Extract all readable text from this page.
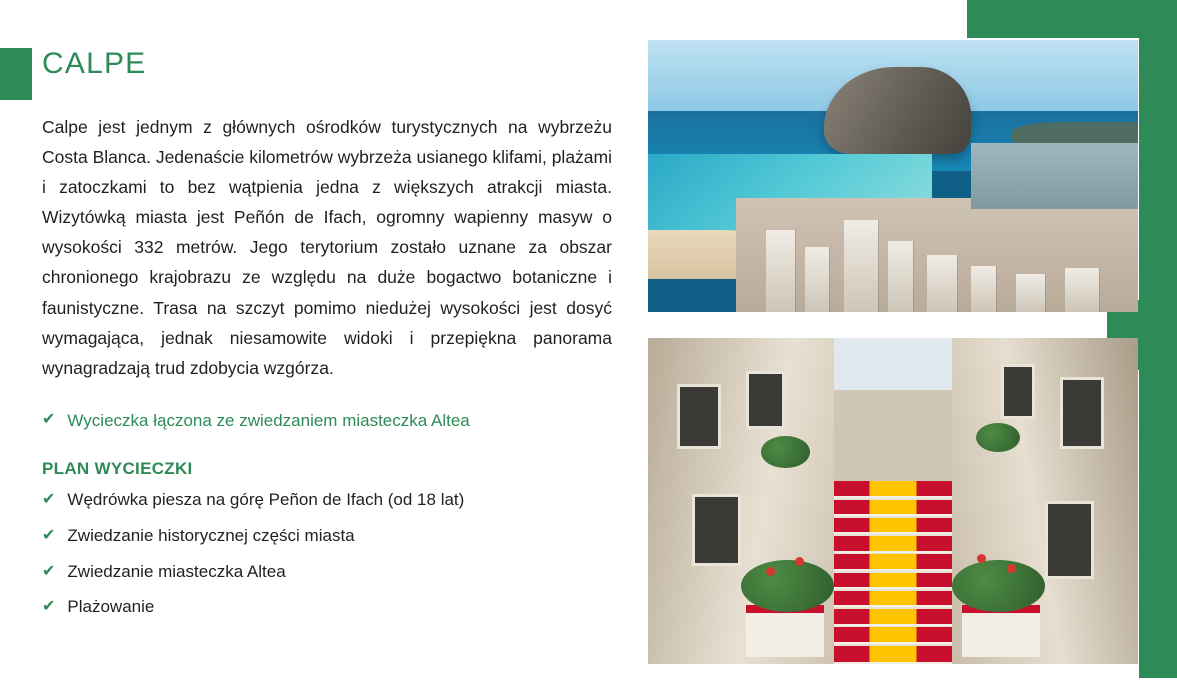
CALPE

Calpe jest jednym z głównych ośrodków turystycznych na wybrzeżu Costa Blanca. Jedenaście kilometrów wybrzeża usianego klifami, plażami i zatoczkami to bez wątpienia jedna z większych atrakcji miasta. Wizytówką miasta jest Peñón de Ifach, ogromny wapienny masyw o wysokości 332 metrów. Jego terytorium zostało uznane za obszar chronionego krajobrazu ze względu na duże bogactwo botaniczne i faunistyczne. Trasa na szczyt pomimo niedużej wysokości jest dosyć wymagająca, jednak niesamowite widoki i przepiękna panorama wynagradzają trud zdobycia wzgórza.

✔ Wycieczka łączona ze zwiedzaniem miasteczka Altea
PLAN WYCIECZKI
✔ Wędrówka piesza na górę Peñon de Ifach (od 18 lat)
✔ Zwiedzanie historycznej części miasta
✔ Zwiedzanie miasteczka Altea
✔ Plażowanie
